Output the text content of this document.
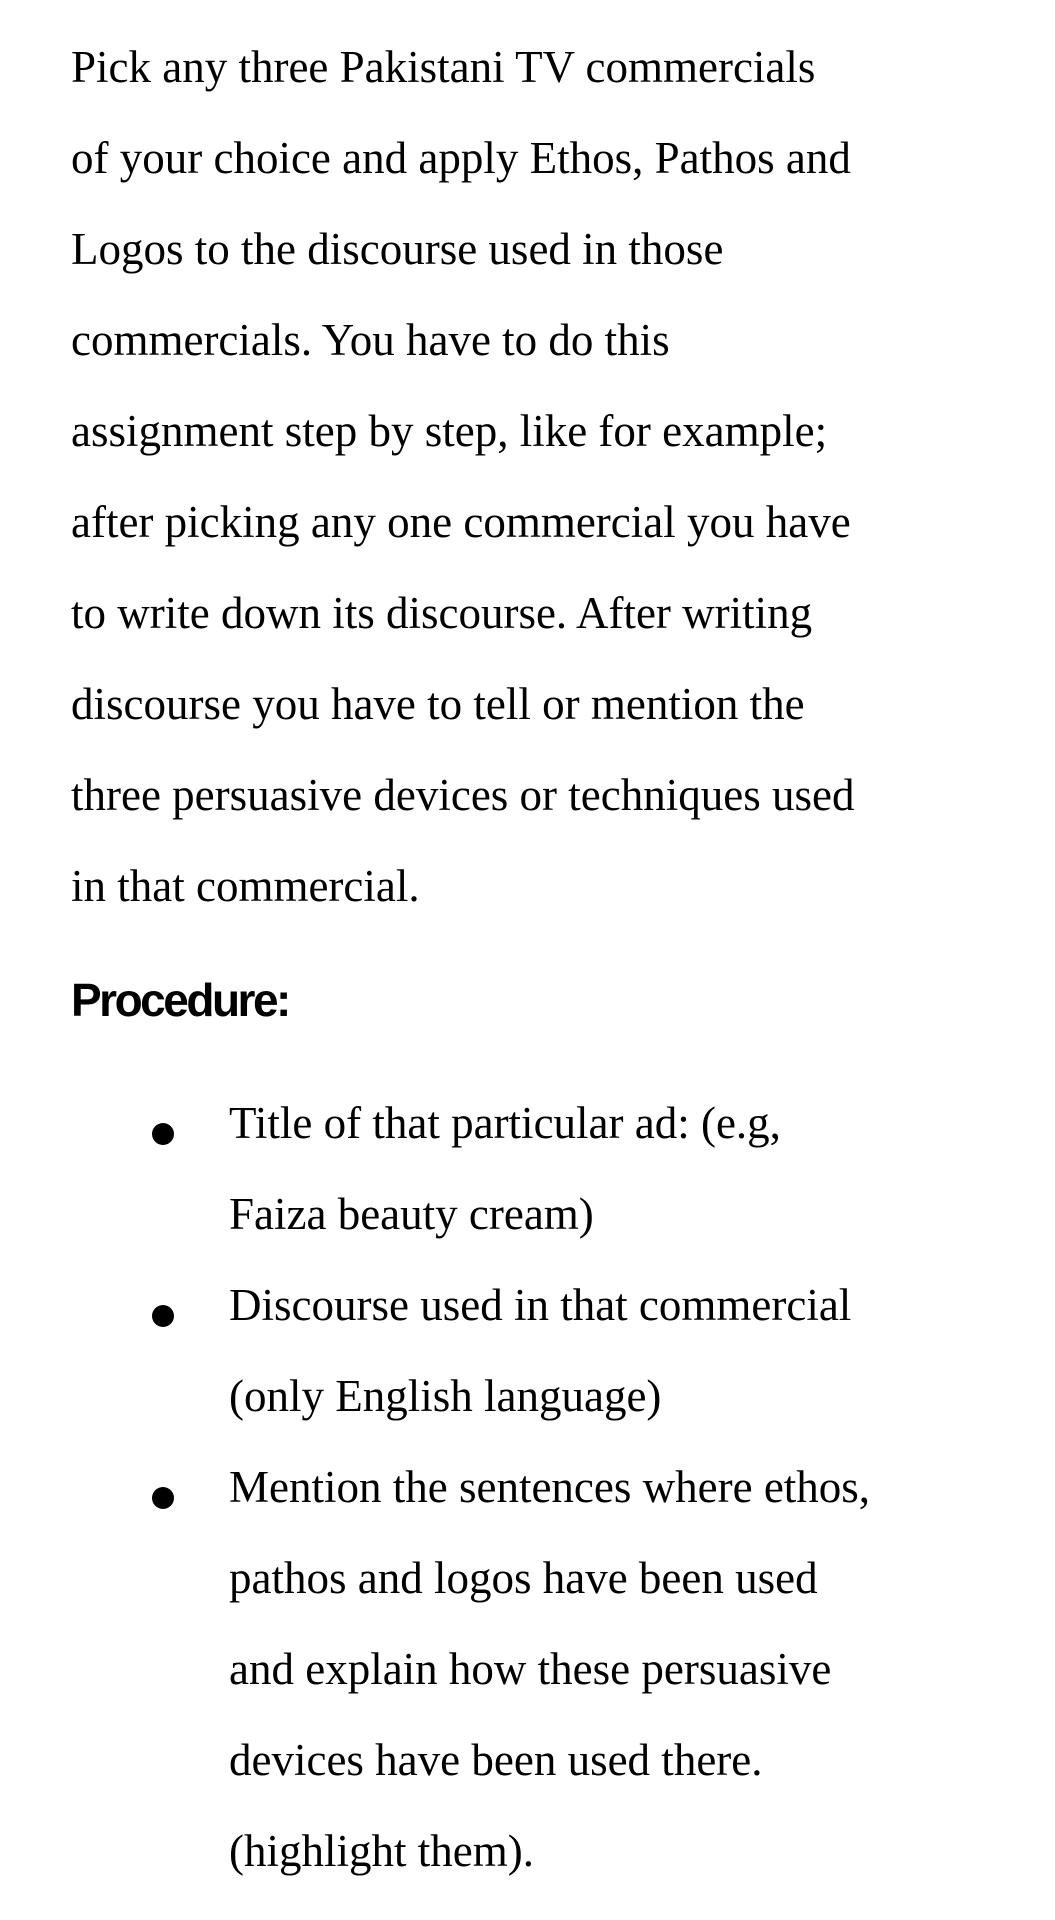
Pick any three Pakistani TV commercials
of your choice and apply Ethos, Pathos and
Logos to the discourse used in those
commercials. You have to do this
assignment step by step, like for example;
after picking any one commercial you have
to write down its discourse. After writing
discourse you have to tell or mention the
three persuasive devices or techniques used
in that commercial.

Procedure:
Title of that particular ad: (e.g,
Faiza beauty cream)
Discourse used in that commercial
(only English language)
Mention the sentences where ethos,
pathos and logos have been used
and explain how these persuasive
devices have been used there.
(highlight them).
